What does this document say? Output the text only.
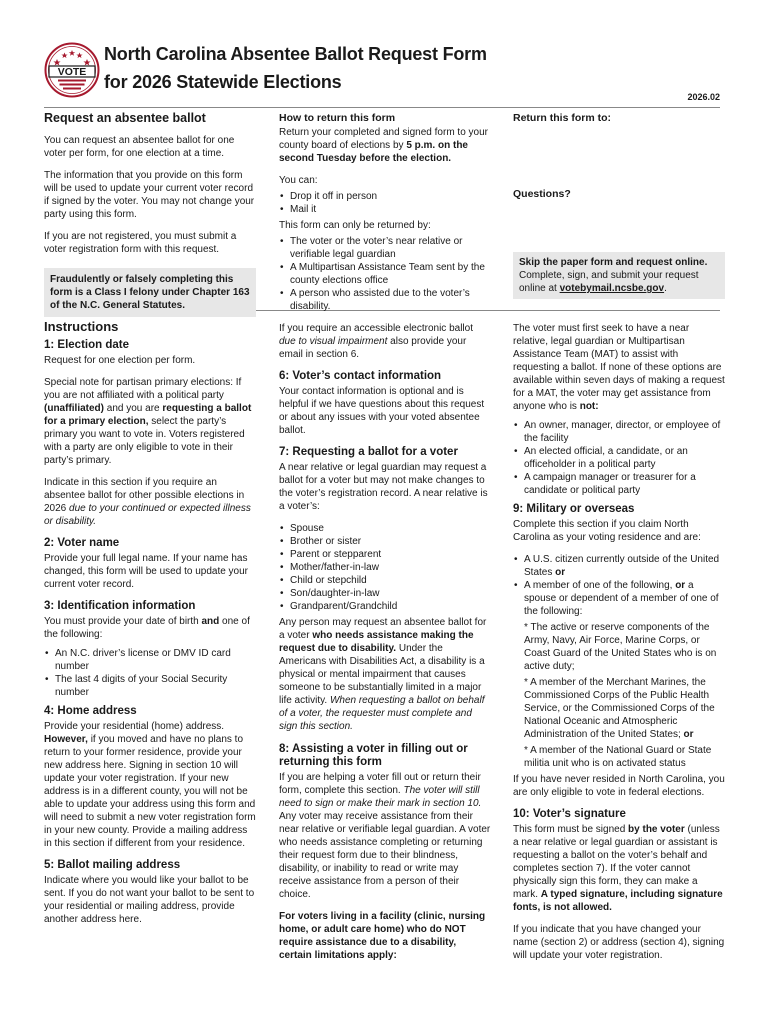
VOTE
North Carolina Absentee Ballot Request Form
for 2026 Statewide Elections
2026.02
Request an absentee ballot

You can request an absentee ballot for one voter per form, for one election at a time.

The information that you provide on this form will be used to update your current voter record if signed by the voter. You may not change your party using this form.

If you are not registered, you must submit a voter registration form with this request.

Fraudulently or falsely completing this form is a Class I felony under Chapter 163 of the N.C. General Statutes.
How to return this form

Return your completed and signed form to your county board of elections by 5 p.m. on the second Tuesday before the election.

You can:

• Drop it off in person
• Mail it

This form can only be returned by:

• The voter or the voter’s near relative or verifiable legal guardian
• A Multipartisan Assistance Team sent by the county elections office
• A person who assisted due to the voter’s disability.
Return this form to:
Questions?
Skip the paper form and request online.
Complete, sign, and submit your request online at votebymail.ncsbe.gov.
Instructions
1: Election date

Request for one election per form.

Special note for partisan primary elections: If you are not affiliated with a political party (unaffiliated) and you are requesting a ballot for a primary election, select the party’s primary you want to vote in. Voters registered with a party are only eligible to vote in their party’s primary.

Indicate in this section if you require an absentee ballot for other possible elections in 2026 due to your continued or expected illness or disability.

2: Voter name

Provide your full legal name. If your name has changed, this form will be used to update your current voter record.

3: Identification information

You must provide your date of birth and one of the following:

• An N.C. driver’s license or DMV ID card number
• The last 4 digits of your Social Security number
4: Home address

Provide your residential (home) address. However, if you moved and have no plans to return to your former residence, provide your new address here. Signing in section 10 will update your voter registration. If your new address is in a different county, you will not be able to update your address using this form and will need to submit a new voter registration form in your new county. Provide a mailing address in this section if different from your residence.

5: Ballot mailing address

Indicate where you would like your ballot to be sent. If you do not want your ballot to be sent to your residential or mailing address, provide another address here.

If you require an accessible electronic ballot due to visual impairment also provide your email in section 6.

6: Voter’s contact information

Your contact information is optional and is helpful if we have questions about this request or about any issues with your voted absentee ballot.

7: Requesting a ballot for a voter

A near relative or legal guardian may request a ballot for a voter but may not make changes to the voter’s registration record. A near relative is a voter’s:

• Spouse
• Brother or sister
• Parent or stepparent
• Mother/father-in-law
• Child or stepchild
• Son/daughter-in-law
• Grandparent/Grandchild

Any person may request an absentee ballot for a voter who needs assistance making the request due to disability. Under the Americans with Disabilities Act, a disability is a physical or mental impairment that causes someone to be substantially limited in a major life activity. When requesting a ballot on behalf of a voter, the requester must complete and sign this section.

8: Assisting a voter in filling out or
returning this form

If you are helping a voter fill out or return their form, complete this section. The voter will still need to sign or make their mark in section 10. Any voter may receive assistance from their near relative or verifiable legal guardian. A voter who needs assistance completing or returning their request form due to their blindness, disability, or inability to read or write may receive assistance from a person of their choice.

For voters living in a facility (clinic, nursing home, or adult care home) who do NOT require assistance due to a disability, certain limitations apply:

The voter must first seek to have a near relative, legal guardian or Multipartisan Assistance Team (MAT) to assist with requesting a ballot. If none of these options are available within seven days of making a request for a MAT, the voter may get assistance from anyone who is not:

• An owner, manager, director, or employee of the facility
• An elected official, a candidate, or an officeholder in a political party
• A campaign manager or treasurer for a candidate or political party
9: Military or overseas

Complete this section if you claim North Carolina as your voting residence and are:

• A U.S. citizen currently outside of the United States or
• A member of one of the following, or a spouse or dependent of a member of one of the following:

* The active or reserve components of the Army, Navy, Air Force, Marine Corps, or Coast Guard of the United States who is on active duty;

* A member of the Merchant Marines, the Commissioned Corps of the Public Health Service, or the Commissioned Corps of the National Oceanic and Atmospheric Administration of the United States; or

* A member of the National Guard or State militia unit who is on activated status

If you have never resided in North Carolina, you are only eligible to vote in federal elections.

10: Voter’s signature

This form must be signed by the voter (unless a near relative or legal guardian or assistant is requesting a ballot on the voter’s behalf and completes section 7). If the voter cannot physically sign this form, they can make a mark. A typed signature, including signature fonts, is not allowed.

If you indicate that you have changed your name (section 2) or address (section 4), signing will update your voter registration.
